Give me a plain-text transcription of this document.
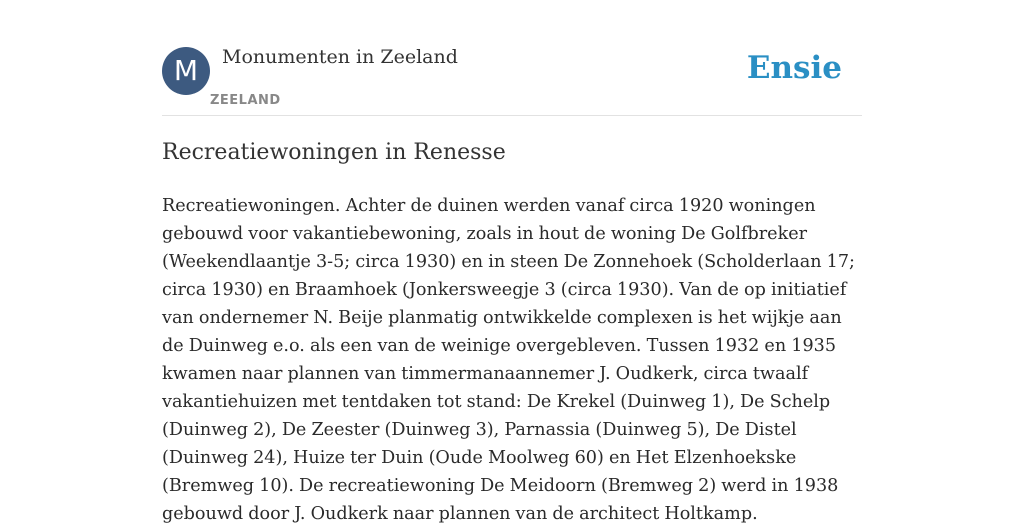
M	Monumenten in Zeeland
ZEELAND
Ensie
Recreatiewoningen in Renesse

Recreatiewoningen. Achter de duinen werden vanaf circa 1920 woningen gebouwd voor vakantiebewoning, zoals in hout de woning De Golfbreker (Weekendlaantje 3-5; circa 1930) en in steen De Zonnehoek (Scholderlaan 17; circa 1930) en Braamhoek (Jonkersweegje 3 (circa 1930). Van de op initiatief van ondernemer N. Beije planmatig ontwikkelde complexen is het wijkje aan de Duinweg e.o. als een van de weinige overgebleven. Tussen 1932 en 1935 kwamen naar plannen van timmermanaannemer J. Oudkerk, circa twaalf vakantiehuizen met tentdaken tot stand: De Krekel (Duinweg 1), De Schelp (Duinweg 2), De Zeester (Duinweg 3), Parnassia (Duinweg 5), De Distel (Duinweg 24), Huize ter Duin (Oude Moolweg 60) en Het Elzenhoekske (Bremweg 10). De recreatiewoning De Meidoorn (Bremweg 2) werd in 1938 gebouwd door J. Oudkerk naar plannen van de architect Holtkamp.
